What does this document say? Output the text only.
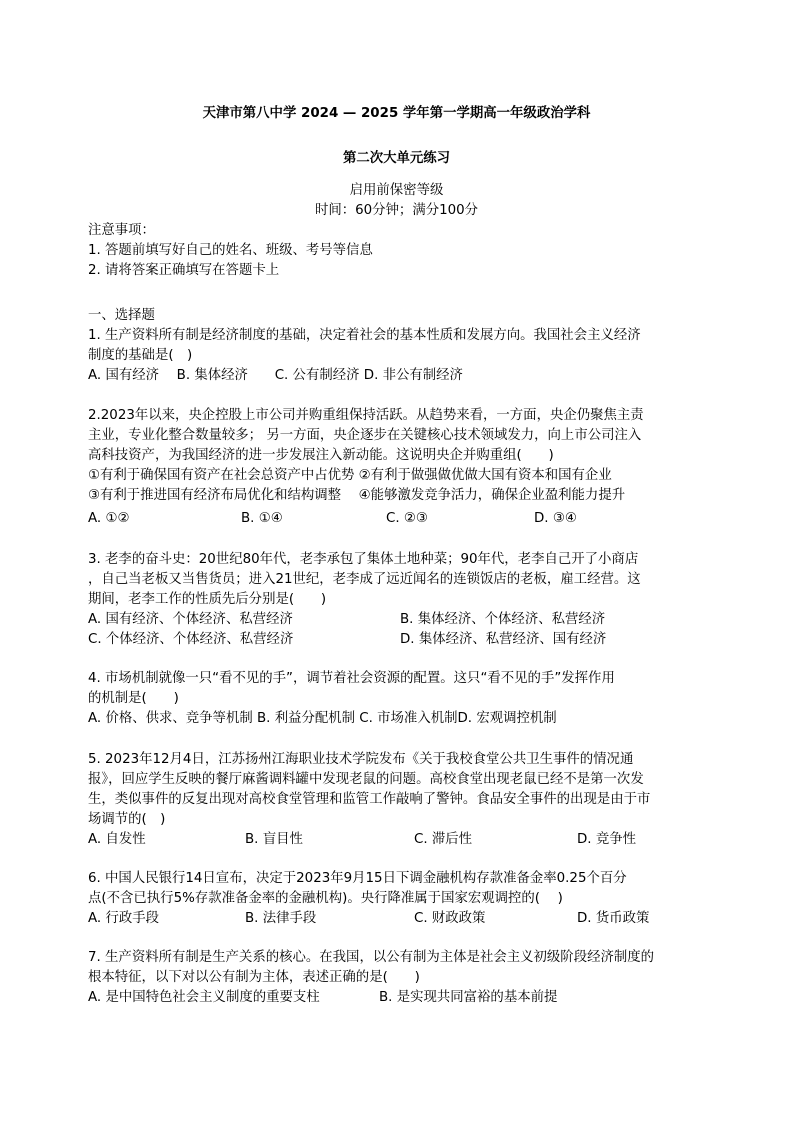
天津市第八中学 2024 — 2025 学年第一学期高一年级政治学科
第二次大单元练习
启用前保密等级
时间：60分钟；满分100分
注意事项：
1. 答题前填写好自己的姓名、班级、考号等信息
2. 请将答案正确填写在答题卡上
一、选择题
1. 生产资料所有制是经济制度的基础，决定着社会的基本性质和发展方向。我国社会主义经济
制度的基础是(　)
A. 国有经济　 B. 集体经济　　C. 公有制经济 D. 非公有制经济
2.2023年以来，央企控股上市公司并购重组保持活跃。从趋势来看，一方面，央企仍聚焦主责
主业，专业化整合数量较多； 另一方面，央企逐步在关键核心技术领域发力，向上市公司注入
高科技资产，为我国经济的进一步发展注入新动能。这说明央企并购重组(　　)
①有利于确保国有资产在社会总资产中占优势 ②有利于做强做优做大国有资本和国有企业
③有利于推进国有经济布局优化和结构调整　 ④能够激发竞争活力，确保企业盈利能力提升
A. ①②	B. ①④	C. ②③	D. ③④
3. 老李的奋斗史：20世纪80年代，老李承包了集体土地种菜；90年代，老李自己开了小商店
，自己当老板又当售货员；进入21世纪，老李成了远近闻名的连锁饭店的老板，雇工经营。这
期间，老李工作的性质先后分别是(　　)
A. 国有经济、个体经济、私营经济	B. 集体经济、个体经济、私营经济
C. 个体经济、个体经济、私营经济	D. 集体经济、私营经济、国有经济
4. 市场机制就像一只“看不见的手”，调节着社会资源的配置。这只“看不见的手”发挥作用
的机制是(　　)
A. 价格、供求、竞争等机制 B. 利益分配机制 C. 市场准入机制D. 宏观调控机制
5. 2023年12月4日，江苏扬州江海职业技术学院发布《关于我校食堂公共卫生事件的情况通
报》，回应学生反映的餐厅麻酱调料罐中发现老鼠的问题。高校食堂出现老鼠已经不是第一次发
生，类似事件的反复出现对高校食堂管理和监管工作敲响了警钟。食品安全事件的出现是由于市
场调节的(　)
A. 自发性	B. 盲目性	C. 滞后性	D. 竞争性
6. 中国人民银行14日宣布，决定于2023年9月15日下调金融机构存款准备金率0.25个百分
点(不含已执行5%存款准备金率的金融机构)。央行降准属于国家宏观调控的(　 )
A. 行政手段	B. 法律手段	C. 财政政策	D. 货币政策
7. 生产资料所有制是生产关系的核心。在我国，以公有制为主体是社会主义初级阶段经济制度的
根本特征，以下对以公有制为主体，表述正确的是(　　)
A. 是中国特色社会主义制度的重要支柱	B. 是实现共同富裕的基本前提
